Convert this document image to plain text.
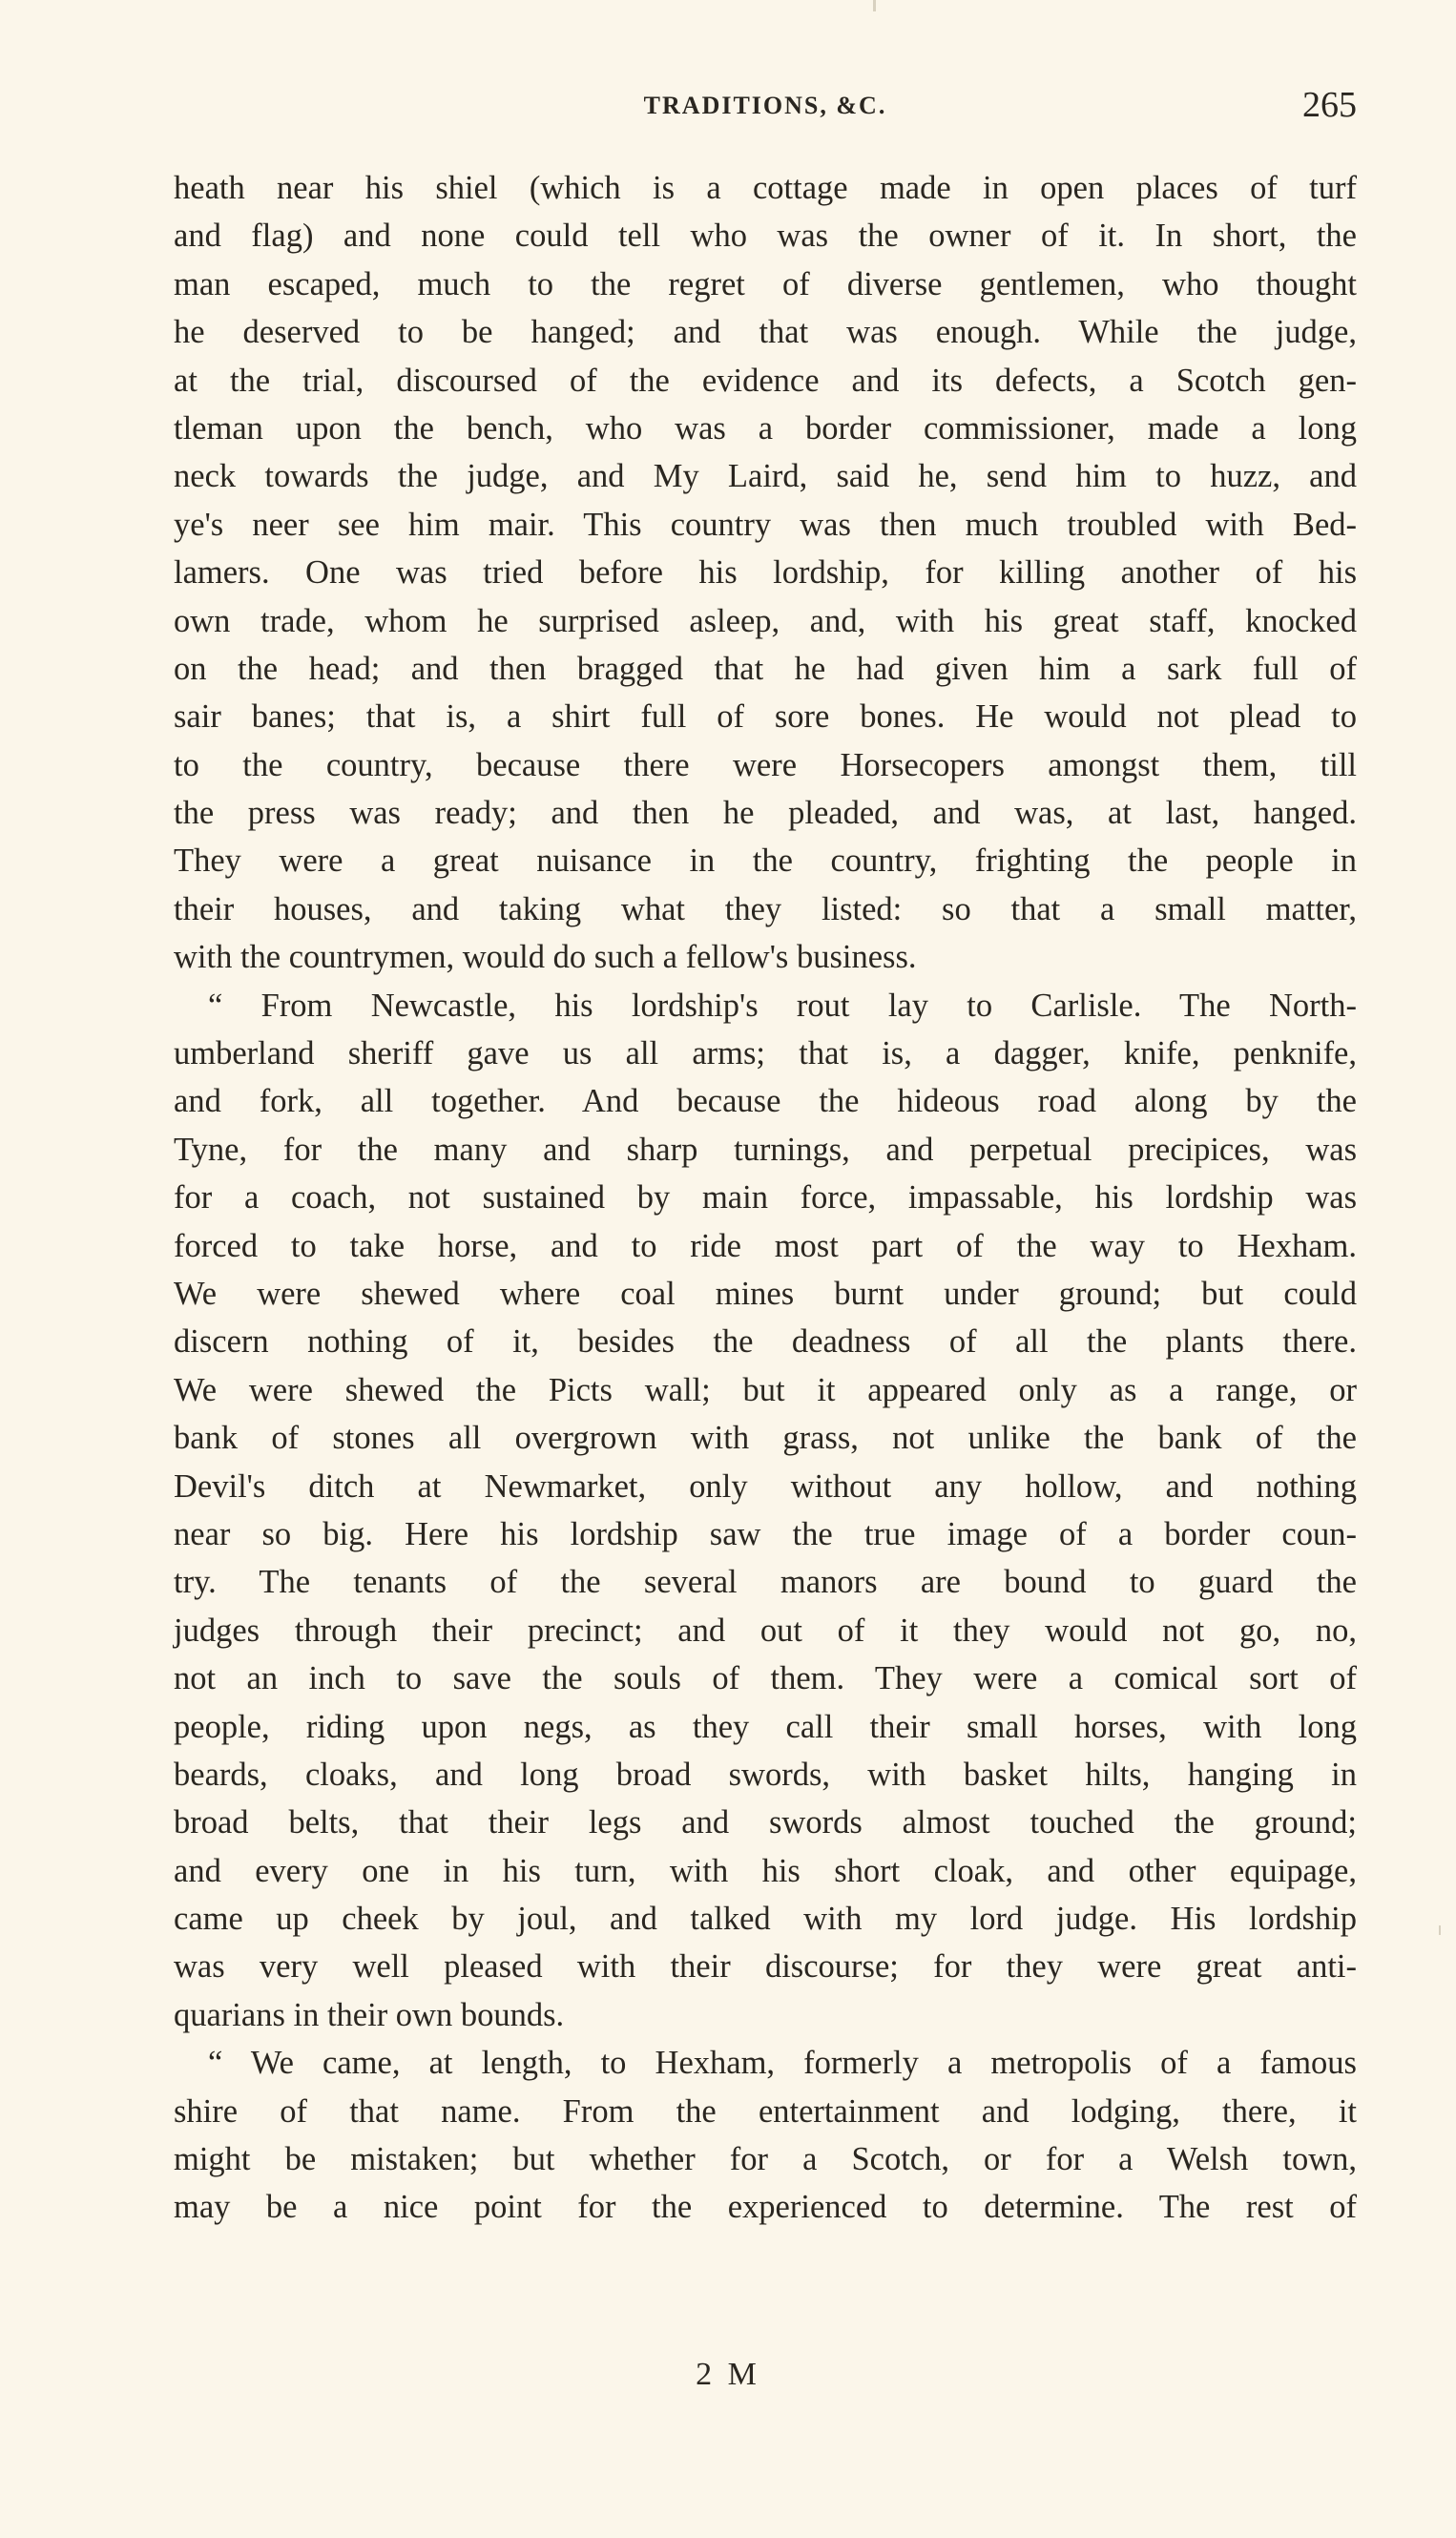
TRADITIONS, &C.	265
heath near his shiel (which is a cottage made in open places of turf
and flag) and none could tell who was the owner of it. In short, the
man escaped, much to the regret of diverse gentlemen, who thought
he deserved to be hanged; and that was enough. While the judge,
at the trial, discoursed of the evidence and its defects, a Scotch gen-
tleman upon the bench, who was a border commissioner, made a long
neck towards the judge, and My Laird, said he, send him to huzz, and
ye's neer see him mair. This country was then much troubled with Bed-
lamers. One was tried before his lordship, for killing another of his
own trade, whom he surprised asleep, and, with his great staff, knocked
on the head; and then bragged that he had given him a sark full of
sair banes; that is, a shirt full of sore bones. He would not plead to
to the country, because there were Horsecopers amongst them, till
the press was ready; and then he pleaded, and was, at last, hanged.
They were a great nuisance in the country, frighting the people in
their houses, and taking what they listed: so that a small matter,
with the countrymen, would do such a fellow's business.
“ From Newcastle, his lordship's rout lay to Carlisle. The North-
umberland sheriff gave us all arms; that is, a dagger, knife, penknife,
and fork, all together. And because the hideous road along by the
Tyne, for the many and sharp turnings, and perpetual precipices, was
for a coach, not sustained by main force, impassable, his lordship was
forced to take horse, and to ride most part of the way to Hexham.
We were shewed where coal mines burnt under ground; but could
discern nothing of it, besides the deadness of all the plants there.
We were shewed the Picts wall; but it appeared only as a range, or
bank of stones all overgrown with grass, not unlike the bank of the
Devil's ditch at Newmarket, only without any hollow, and nothing
near so big. Here his lordship saw the true image of a border coun-
try. The tenants of the several manors are bound to guard the
judges through their precinct; and out of it they would not go, no,
not an inch to save the souls of them. They were a comical sort of
people, riding upon negs, as they call their small horses, with long
beards, cloaks, and long broad swords, with basket hilts, hanging in
broad belts, that their legs and swords almost touched the ground;
and every one in his turn, with his short cloak, and other equipage,
came up cheek by joul, and talked with my lord judge. His lordship
was very well pleased with their discourse; for they were great anti-
quarians in their own bounds.
“ We came, at length, to Hexham, formerly a metropolis of a famous
shire of that name. From the entertainment and lodging, there, it
might be mistaken; but whether for a Scotch, or for a Welsh town,
may be a nice point for the experienced to determine. The rest of
2 M
